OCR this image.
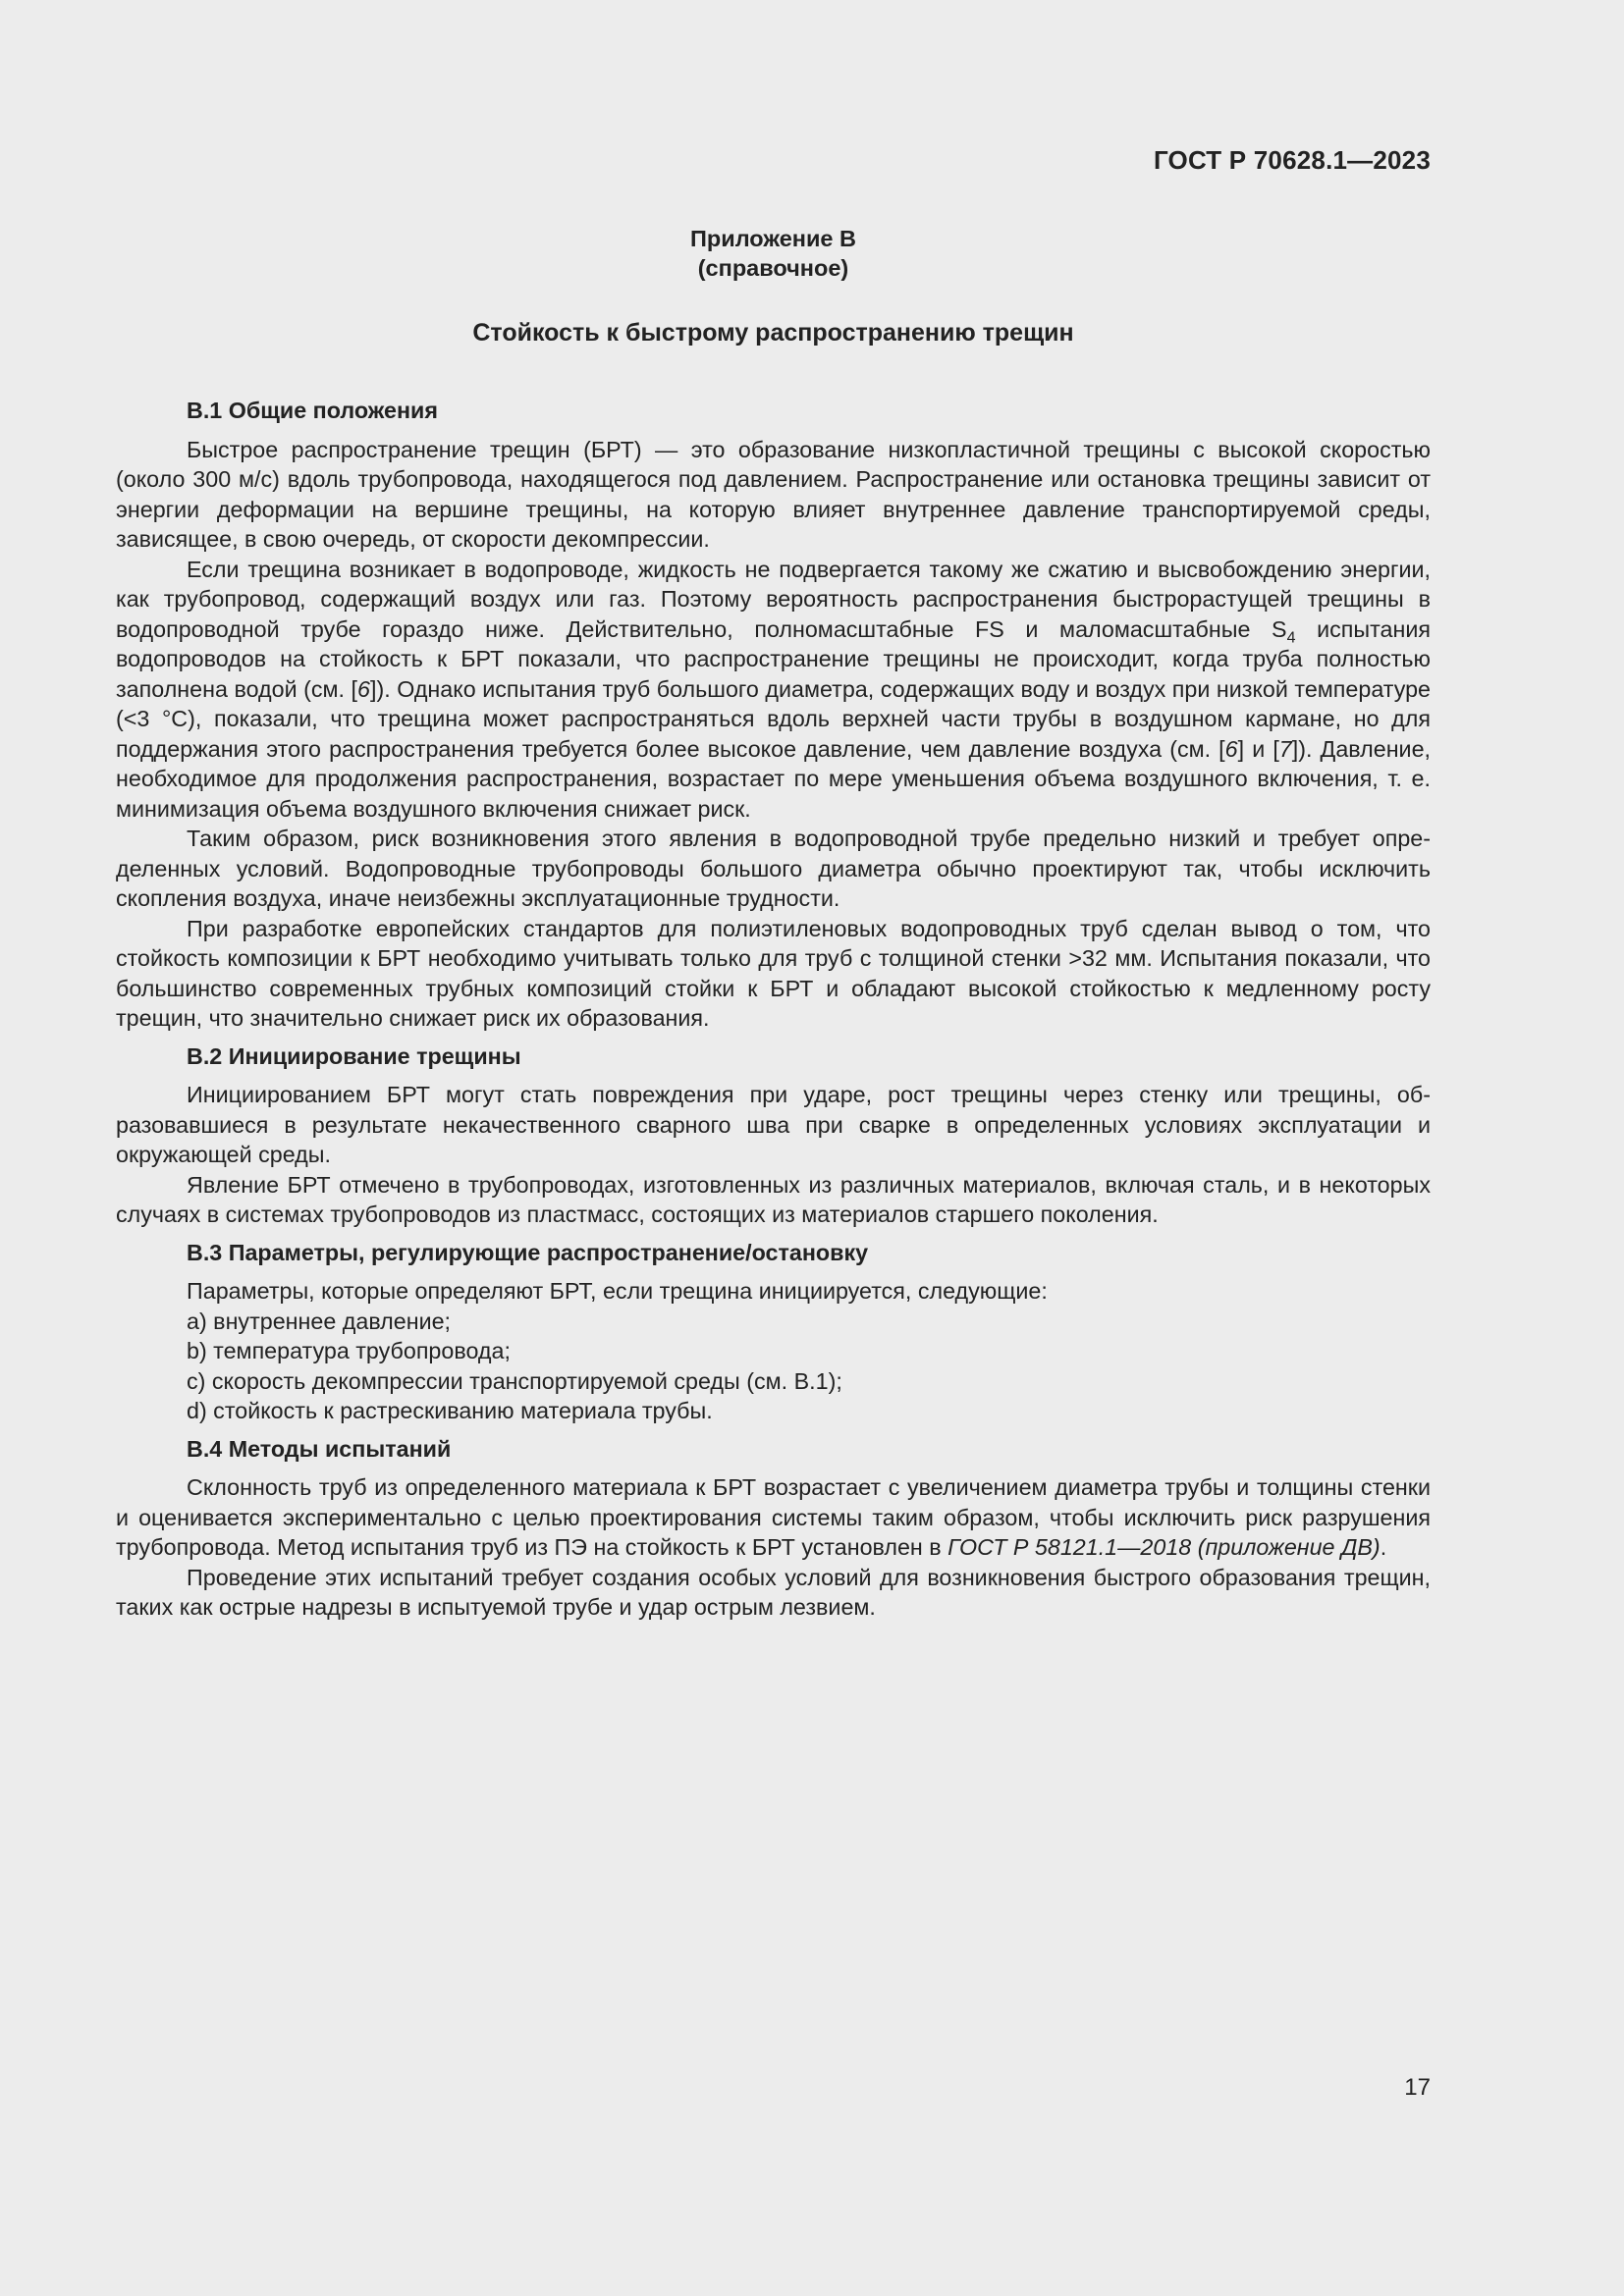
ГОСТ Р 70628.1—2023
Приложение В
(справочное)
Стойкость к быстрому распространению трещин
В.1 Общие положения

Быстрое распространение трещин (БРТ) — это образование низкопластичной трещины с высокой скоростью (около 300 м/с) вдоль трубопровода, находящегося под давлением. Распространение или остановка трещины зависит от энергии деформации на вершине трещины, на которую влияет внутреннее давление транспортируемой среды, зависящее, в свою очередь, от скорости декомпрессии.

Если трещина возникает в водопроводе, жидкость не подвергается такому же сжатию и высвобождению энергии, как трубопровод, содержащий воздух или газ. Поэтому вероятность распространения быстрорастущей трещины в водопроводной трубе гораздо ниже. Действительно, полномасштабные FS и маломасштабные $S_4$ испытания водопроводов на стойкость к БРТ показали, что распространение трещины не происходит, когда труба полностью заполнена водой (см. [6]). Однако испытания труб большого диаметра, содержащих воду и воздух при низкой температуре (<3 °C), показали, что трещина может распространяться вдоль верхней части трубы в воздушном кармане, но для поддержания этого распространения требуется более высокое давление, чем давление воздуха (см. [6] и [7]). Давление, необходимое для продолжения распространения, возрастает по мере уменьшения объема воздушного включения, т. е. минимизация объема воздушного включения снижает риск.

Таким образом, риск возникновения этого явления в водопроводной трубе предельно низкий и требует определенных условий. Водопроводные трубопроводы большого диаметра обычно проектируют так, чтобы исключить скопления воздуха, иначе неизбежны эксплуатационные трудности.

При разработке европейских стандартов для полиэтиленовых водопроводных труб сделан вывод о том, что стойкость композиции к БРТ необходимо учитывать только для труб с толщиной стенки >32 мм. Испытания показали, что большинство современных трубных композиций стойки к БРТ и обладают высокой стойкостью к медленному росту трещин, что значительно снижает риск их образования.

В.2 Инициирование трещины

Инициированием БРТ могут стать повреждения при ударе, рост трещины через стенку или трещины, образовавшиеся в результате некачественного сварного шва при сварке в определенных условиях эксплуатации и окружающей среды.

Явление БРТ отмечено в трубопроводах, изготовленных из различных материалов, включая сталь, и в некоторых случаях в системах трубопроводов из пластмасс, состоящих из материалов старшего поколения.

В.3 Параметры, регулирующие распространение/остановку

Параметры, которые определяют БРТ, если трещина инициируется, следующие:

a) внутреннее давление;

b) температура трубопровода;

c) скорость декомпрессии транспортируемой среды (см. В.1);

d) стойкость к растрескиванию материала трубы.

В.4 Методы испытаний

Склонность труб из определенного материала к БРТ возрастает с увеличением диаметра трубы и толщины стенки и оценивается экспериментально с целью проектирования системы таким образом, чтобы исключить риск разрушения трубопровода. Метод испытания труб из ПЭ на стойкость к БРТ установлен в ГОСТ Р 58121.1—2018 (приложение ДВ).

Проведение этих испытаний требует создания особых условий для возникновения быстрого образования трещин, таких как острые надрезы в испытуемой трубе и удар острым лезвием.

17
